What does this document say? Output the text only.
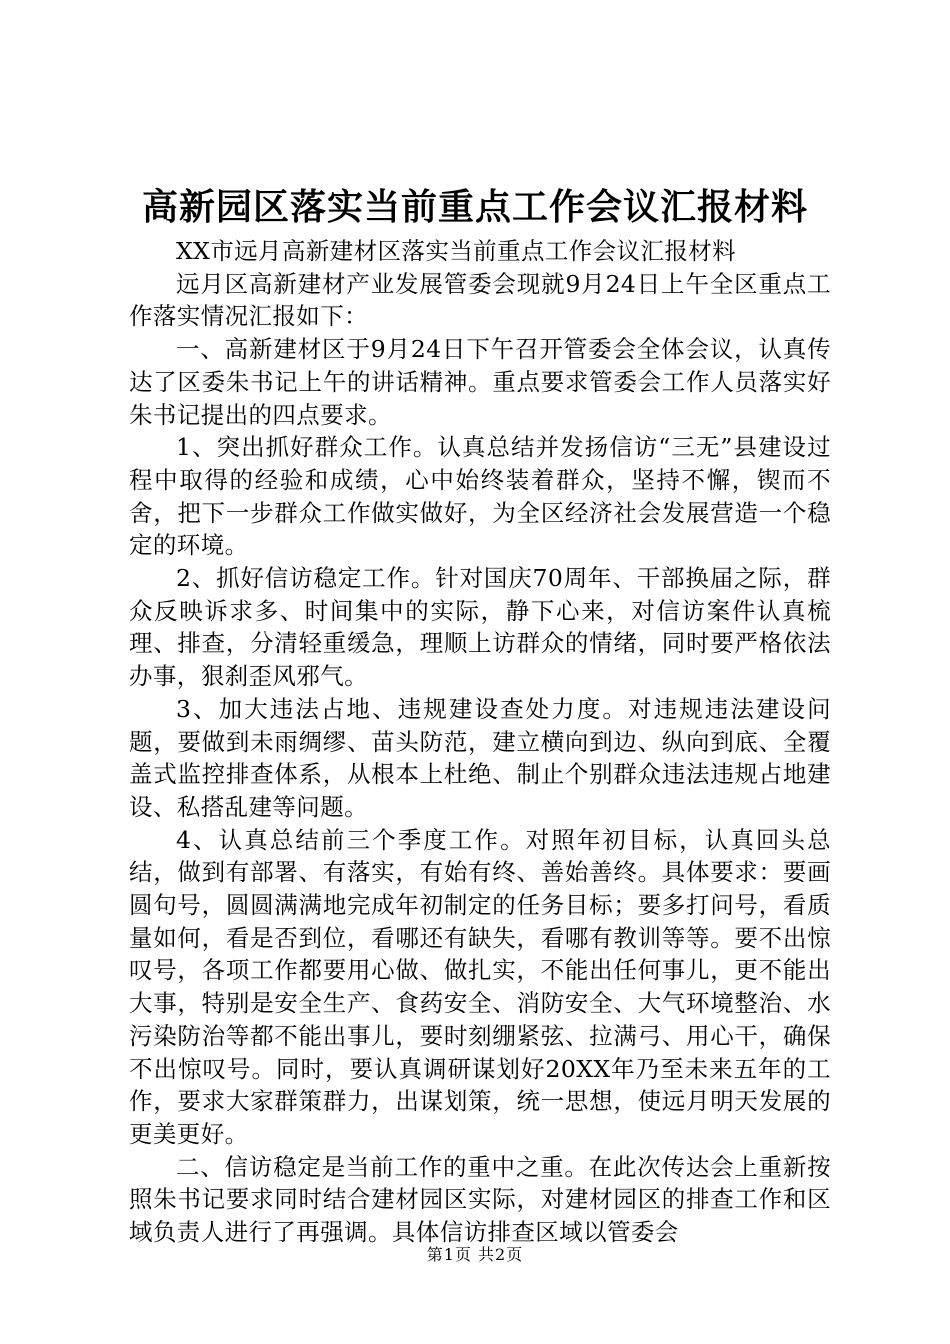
高新园区落实当前重点工作会议汇报材料

XX市远月高新建材区落实当前重点工作会议汇报材料

远月区高新建材产业发展管委会现就9月24日上午全区重点工作落实情况汇报如下：

一、高新建材区于9月24日下午召开管委会全体会议，认真传达了区委朱书记上午的讲话精神。重点要求管委会工作人员落实好朱书记提出的四点要求。

1、突出抓好群众工作。认真总结并发扬信访“三无”县建设过程中取得的经验和成绩，心中始终装着群众，坚持不懈，锲而不舍，把下一步群众工作做实做好，为全区经济社会发展营造一个稳定的环境。

2、抓好信访稳定工作。针对国庆70周年、干部换届之际，群众反映诉求多、时间集中的实际，静下心来，对信访案件认真梳理、排查，分清轻重缓急，理顺上访群众的情绪，同时要严格依法办事，狠刹歪风邪气。

3、加大违法占地、违规建设查处力度。对违规违法建设问题，要做到未雨绸缪、苗头防范，建立横向到边、纵向到底、全覆盖式监控排查体系，从根本上杜绝、制止个别群众违法违规占地建设、私搭乱建等问题。

4、认真总结前三个季度工作。对照年初目标，认真回头总结，做到有部署、有落实，有始有终、善始善终。具体要求：要画圆句号，圆圆满满地完成年初制定的任务目标；要多打问号，看质量如何，看是否到位，看哪还有缺失，看哪有教训等等。要不出惊叹号，各项工作都要用心做、做扎实，不能出任何事儿，更不能出大事，特别是安全生产、食药安全、消防安全、大气环境整治、水污染防治等都不能出事儿，要时刻绷紧弦、拉满弓、用心干，确保不出惊叹号。同时，要认真调研谋划好20XX年乃至未来五年的工作，要求大家群策群力，出谋划策，统一思想，使远月明天发展的更美更好。

二、信访稳定是当前工作的重中之重。在此次传达会上重新按照朱书记要求同时结合建材园区实际，对建材园区的排查工作和区域负责人进行了再强调。具体信访排查区域以管委会

第1页 共2页
